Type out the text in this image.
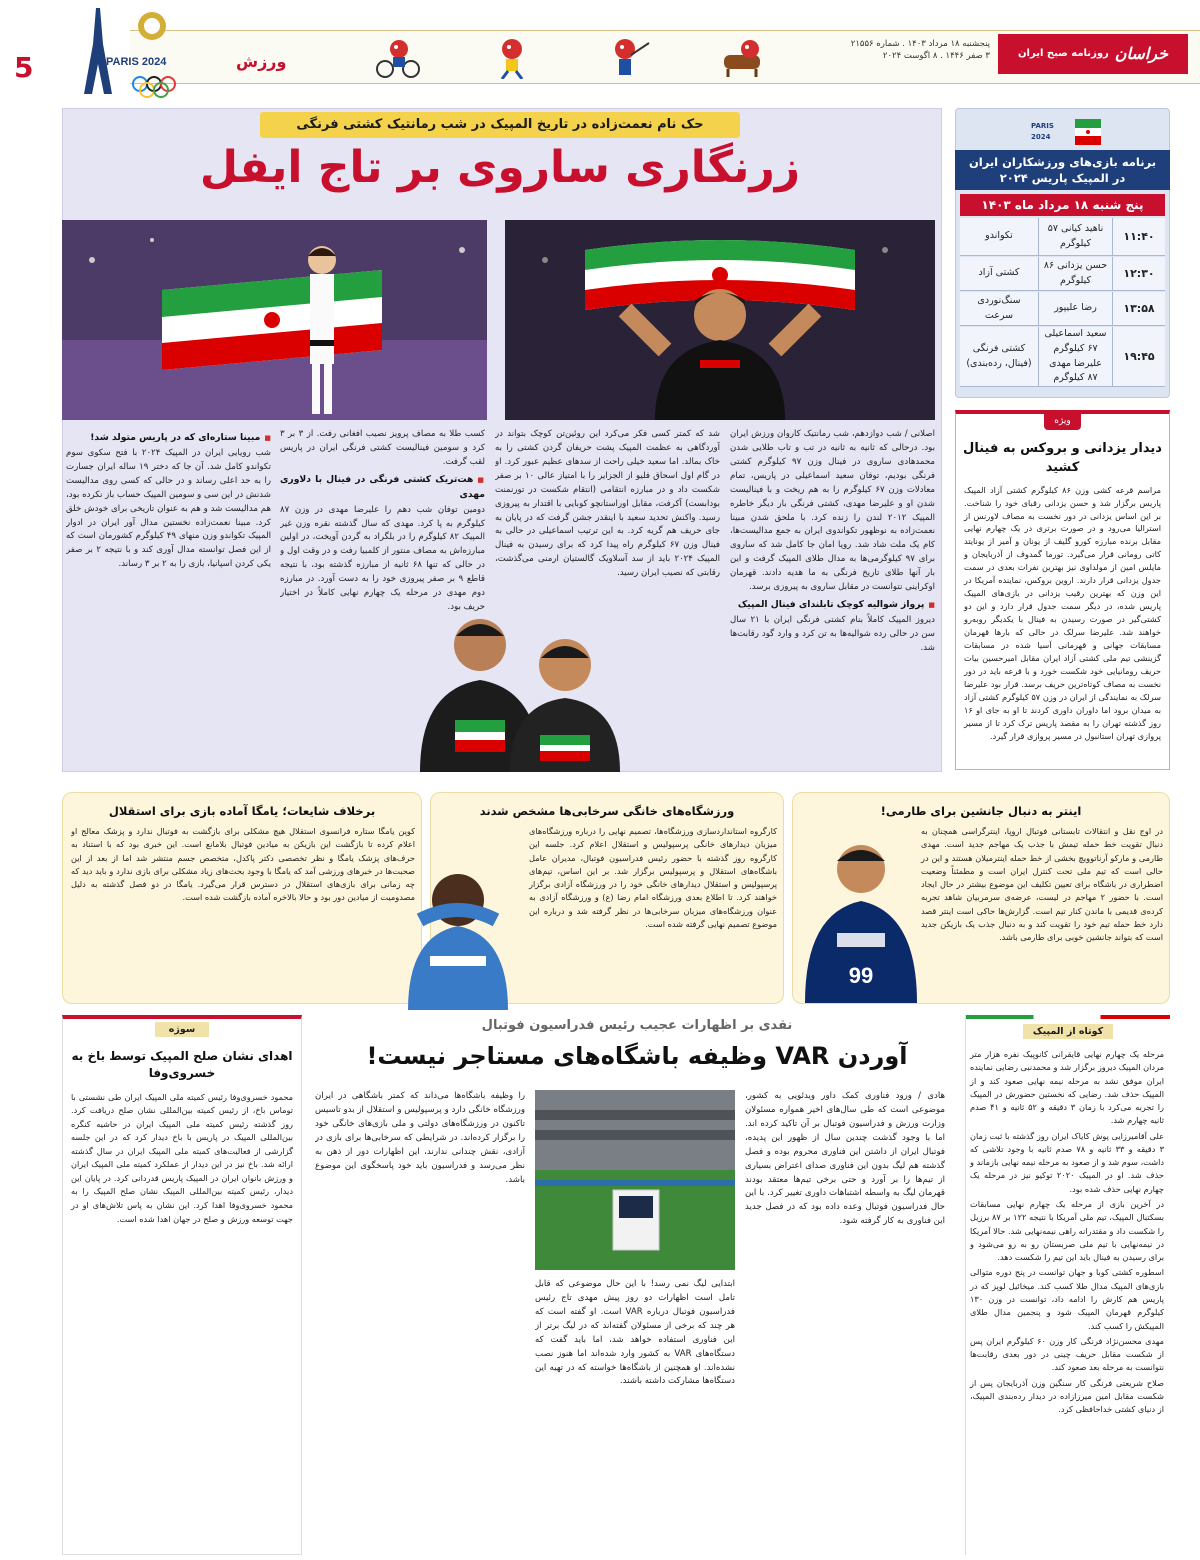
خراسان
روزنامه صبح ایران
پنجشنبه ۱۸ مرداد ۱۴۰۳ . شماره ۲۱۵۵۶
۳ صفر ۱۴۴۶ . ۸ اگوست ۲۰۲۴
ورزش
PARIS 2024
5
PARIS 2024
برنامه بازی‌های ورزشکاران ایران در المپیک پاریس ۲۰۲۴
پنج شنبه ۱۸ مرداد ماه ۱۴۰۳
۱۱:۴۰
ناهید کیانی ۵۷ کیلوگرم
تکواندو
۱۲:۳۰
حسن یزدانی ۸۶ کیلوگرم
کشتی آزاد
۱۳:۵۸
رضا علیپور
سنگ‌نوردی سرعت
۱۹:۴۵
سعید اسماعیلی ۶۷ کیلوگرم علیرضا مهدی ۸۷ کیلوگرم
کشتی فرنگی (فینال، رده‌بندی)
ویژه
دیدار یزدانی و بروکس به فینال کشید
مراسم قرعه کشی وزن ۸۶ کیلوگرم کشتی آزاد المپیک پاریس برگزار شد و حسن یزدانی رقبای خود را شناخت. بر این اساس یزدانی در دور نخست به مصاف لاورنس از استرالیا می‌رود و در صورت برتری در یک چهارم نهایی مقابل برنده مبارزه کورو گلیف از یونان و آمیر از یونایتد کاتی رومانی قرار می‌گیرد. تورما گمدوف از آذربایجان و مایلس امین از مولداوی نیز بهترین نفرات بعدی در سمت جدول یزدانی قرار دارند. اروین بروکس، نماینده آمریکا در این وزن که بهترین رقیب یزدانی در بازی‌های المپیک پاریس شده، در دیگر سمت جدول قرار دارد و این دو کشتی‌گیر در صورت رسیدن به فینال با یکدیگر روبه‌رو خواهند شد. علیرضا سرلک در حالی که بارها قهرمان مسابقات جهانی و قهرمانی آسیا شده در مسابقات گزینشی تیم ملی کشتی آزاد ایران مقابل امیرحسین بیات حریف رومانیایی خود شکست خورد و با قرعه باید در دور نخست به مصاف کوتاه‌ترین حریف برسد. قرار بود علیرضا سرلک به نمایندگی از ایران در وزن ۵۷ کیلوگرم کشتی آزاد به میدان برود اما داوران داوری کردند تا او به جای او ۱۶ روز گذشته تهران را به مقصد پاریس ترک کرد تا از مسیر پروازی تهران استانبول در مسیر پروازی قرار گیرد.
حک نام نعمت‌زاده در تاریخ المپیک در شب رمانتیک کشتی فرنگی
زرنگاری ساروی بر تاج ایفل

اصلانی / شب دوازدهم، شب رمانتیک کاروان ورزش ایران بود. درحالی که ثانیه به ثانیه در تب و تاب طلایی شدن محمدهادی ساروی در فینال وزن ۹۷ کیلوگرم کشتی فرنگی بودیم، توفان سعید اسماعیلی در پاریس، تمام معادلات وزن ۶۷ کیلوگرم را به هم ریخت و با فینالیست شدن او و علیرضا مهدی، کشتی فرنگی بار دیگر خاطره المپیک ۲۰۱۲ لندن را زنده کرد. با ملحق شدن مبینا نعمت‌زاده به نوظهور تکواندوی ایران به جمع مدالیست‌ها، کام یک ملت شاد شد. رویا امان جا کامل شد که ساروی برای ۹۷ کیلوگرمی‌ها به مدال طلای المپیک گرفت و این بار آنها طلای تاریخ فرنگی به ما هدیه دادند. قهرمان اوکراینی نتوانست در مقابل ساروی به پیروزی برسد.

■ پرواز شوالیه کوچک تابلندای فینال المپیک

دیروز المپیک کاملاً بنام کشتی فرنگی ایران با ۲۱ سال سن در حالی رده شوالیه‌ها به تن کرد و وارد گود رقابت‌ها شد.

شد که کمتر کسی فکر می‌کرد این روئین‌تن کوچک بتواند در آوردگاهی به عظمت المپیک پشت حریفان گردن کشتی را به خاک بمالد. اما سعید خیلی راحت از سدهای عظیم عبور کرد. او در گام اول اسحاق فلیو از الجزایر را با امتیاز عالی ۱۰ بر صفر شکست داد و در مبارزه انتقامی (انتقام شکست در تورنمنت بودابست) آکرفت، مقابل اوراستانچو کوبایی با اقتدار به پیروزی رسید. واکنش تحدید سعید با اینقدر جشن گرفت که در پایان به جای حریف هم گریه کرد. به این ترتیب اسماعیلی در حالی به فینال وزن ۶۷ کیلوگرم راه پیدا کرد که برای رسیدن به فینال المپیک ۲۰۲۴ باید از سد آسلاویک گالستیان ارمنی می‌گذشت، رقابتی که نصیب ایران رسید.

کسب طلا به مصاف پرویز نصیب افغانی رفت. از ۳ بر ۳ کرد و سومین فینالیست کشتی فرنگی ایران در پاریس لقب گرفت.

■ هت‌تریک کشتی فرنگی در فینال با دلاوری مهدی

دومین توفان شب دهم را علیرضا مهدی در وزن ۸۷ کیلوگرم به پا کرد. مهدی که سال گذشته نقره وزن غیر المپیک ۸۲ کیلوگرم را در بلگراد به گردن آویخت، در اولین مبارزه‌اش به مصاف منتور از کلمبیا رفت و در وقت اول و در حالی که تنها ۶۸ ثانیه از مبارزه گذشته بود، با نتیجه قاطع ۹ بر صفر پیروزی خود را به دست آورد. در مبارزه دوم مهدی در مرحله یک چهارم نهایی کاملاً در اختیار حریف بود.

■ مبینا ستاره‌ای که در پاریس متولد شد!

شب رویایی ایران در المپیک ۲۰۲۴ با فتح سکوی سوم تکواندو کامل شد. آن جا که دختر ۱۹ ساله ایران جسارت را به حد اعلی رساند و در حالی که کسی روی مدالیست شدنش در این سی و سومین المپیک حساب باز نکرده بود، هم مدالیست شد و هم به عنوان تاریخی برای خودش خلق کرد. مبینا نعمت‌زاده نخستین مدال آور ایران در ادوار المپیک تکواندو وزن منهای ۴۹ کیلوگرم کشورمان است که از این فصل توانسته مدال آوری کند و با نتیجه ۲ بر صفر یکی کردن اسپانیا، بازی را به ۲ بر ۳ رساند.

اینتر به دنبال جانشین برای طارمی!
در اوج نقل و انتقالات تابستانی فوتبال اروپا، اینترگراسی همچنان به دنبال تقویت خط حمله تیمش با جذب یک مهاجم جدید است. مهدی طارمی و مارکو آرناتوویچ بخشی از خط حمله اینترمیلان هستند و این در حالی است که تیم ملی تحت کنترل ایران است و مطمئناً وضعیت اضطراری در باشگاه برای تعیین تکلیف این موضوع بیشتر در حال ایجاد است. با حضور ۲ مهاجم در لیست، عرضه‌ی سرمربیان شاهد تجربه کرده‌ی قدیمی با ماندن کنار تیم است. گزارش‌ها حاکی است اینتر قصد دارد خط حمله تیم خود را تقویت کند و به دنبال جذب یک بازیکن جدید است که بتواند جانشین خوبی برای طارمی باشد.
99
ورزشگاه‌های خانگی سرخابی‌ها مشخص شدند
کارگروه استانداردسازی ورزشگاه‌ها، تصمیم نهایی را درباره ورزشگاه‌های میزبان دیدارهای خانگی پرسپولیس و استقلال اعلام کرد. جلسه این کارگروه روز گذشته با حضور رئیس فدراسیون فوتبال، مدیران عامل باشگاه‌های استقلال و پرسپولیس برگزار شد. بر این اساس، تیم‌های پرسپولیس و استقلال دیدارهای خانگی خود را در ورزشگاه آزادی برگزار خواهند کرد. تا اطلاع بعدی ورزشگاه امام رضا (ع) و ورزشگاه آزادی به عنوان ورزشگاه‌های میزبان سرخابی‌ها در نظر گرفته شد و درباره این موضوع تصمیم نهایی گرفته شده است.
برخلاف شایعات؛ یامگا آماده بازی برای استقلال
کوین یامگا ستاره فرانسوی استقلال هیچ مشکلی برای بازگشت به فوتبال ندارد و پزشک معالج او اعلام کرده تا بازگشت این بازیکن به میادین فوتبال بلامانع است. این خبری بود که با استناد به حرف‌های پزشک یامگا و نظر تخصصی دکتر پاکدل، متخصص جسم منتشر شد اما از بعد از این صحبت‌ها در خبرهای ورزشی آمد که یامگا با وجود بحث‌های زیاد مشکلی برای بازی ندارد و باید دید که چه زمانی برای بازی‌های استقلال در دسترس قرار می‌گیرد. یامگا در دو فصل گذشته به دلیل مصدومیت از میادین دور بود و حالا بالاخره آماده بازگشت شده است.
نقدی بر اظهارات عجیب رئیس فدراسیون فوتبال
آوردن VAR وظیفه باشگاه‌های مستاجر نیست!
هادی / ورود فناوری کمک داور ویدئویی به کشور، موضوعی است که طی سال‌های اخیر همواره مسئولان وزارت ورزش و فدراسیون فوتبال بر آن تاکید کرده اند. اما با وجود گذشت چندین سال از ظهور این پدیده، فوتبال ایران از داشتن این فناوری محروم بوده و فصل گذشته هم لیگ بدون این فناوری صدای اعتراض بسیاری از تیم‌ها را بر آورد و حتی برخی تیم‌ها معتقد بودند قهرمان لیگ به واسطه اشتباهات داوری تغییر کرد. با این حال فدراسیون فوتبال وعده داده بود که در فصل جدید این فناوری به کار گرفته شود.
ابتدایی لیگ نمی رسد! با این حال موضوعی که قابل تامل است اظهارات دو روز پیش مهدی تاج رئیس فدراسیون فوتبال درباره VAR است. او گفته است که هر چند که برخی از مسئولان گفته‌اند که در لیگ برتر از این فناوری استفاده خواهد شد، اما باید گفت که دستگاه‌های VAR به کشور وارد شده‌اند اما هنوز نصب نشده‌اند. او همچنین از باشگاه‌ها خواسته که در تهیه این دستگاه‌ها مشارکت داشته باشند.
را وظیفه باشگاه‌ها می‌داند که کمتر باشگاهی در ایران ورزشگاه خانگی دارد و پرسپولیس و استقلال از بدو تاسیس تاکنون در ورزشگاه‌های دولتی و ملی بازی‌های خانگی خود را برگزار کرده‌اند. در شرایطی که سرخابی‌ها برای بازی در آزادی، نقش چندانی ندارند، این اظهارات دور از ذهن به نظر می‌رسد و فدراسیون باید خود پاسخگوی این موضوع باشد.
کوتاه از المپیک

مرحله یک چهارم نهایی قایقرانی کانوپیک نفره هزار متر مردان المپیک دیروز برگزار شد و محمدنبی رضایی نماینده ایران موفق نشد به مرحله نیمه نهایی صعود کند و از المپیک حذف شد. رضایی که نخستین حضورش در المپیک را تجربه می‌کرد با زمان ۳ دقیقه و ۵۲ ثانیه و ۴۱ صدم ثانیه چهارم شد.

علی آقامیرزایی پوش کایاک ایران روز گذشته با ثبت زمان ۳ دقیقه و ۳۳ ثانیه و ۷۸ صدم ثانیه با وجود تلاشی که داشت، سوم شد و از صعود به مرحله نیمه نهایی بازماند و حذف شد. او در المپیک ۲۰۲۰ توکیو نیز در مرحله یک چهارم نهایی حذف شده بود.

در آخرین بازی از مرحله یک چهارم نهایی مسابقات بسکتبال المپیک، تیم ملی آمریکا با نتیجه ۱۲۲ بر ۸۷ برزیل را شکست داد و مقتدرانه راهی نیمه‌نهایی شد. حالا آمریکا در نیمه‌نهایی با تیم ملی صربستان رو به رو می‌شود و برای رسیدن به فینال باید این تیم را شکست دهد.

اسطوره کشتی کوبا و جهان توانست در پنج دوره متوالی بازی‌های المپیک مدال طلا کسب کند. میخائیل لوپز که در پاریس هم کارش را ادامه داد، توانست در وزن ۱۳۰ کیلوگرم قهرمان المپیک شود و پنجمین مدال طلای المپیکش را کسب کند.

مهدی محسن‌نژاد فرنگی کار وزن ۶۰ کیلوگرم ایران پس از شکست مقابل حریف چینی در دور بعدی رقابت‌ها نتوانست به مرحله بعد صعود کند.

صلاح شریعتی فرنگی کار سنگین وزن آذربایجان پس از شکست مقابل امین میرزازاده در دیدار رده‌بندی المپیک، از دنیای کشتی خداحافظی کرد.

سوژه
اهدای نشان صلح المپیک توسط باخ به خسروی‌وفا
محمود خسروی‌وفا رئیس کمیته ملی المپیک ایران طی نشستی با توماس باخ، از رئیس کمیته بین‌المللی نشان صلح دریافت کرد. روز گذشته رئیس کمیته ملی المپیک ایران در حاشیه کنگره بین‌المللی المپیک در پاریس با باخ دیدار کرد که در این جلسه گزارشی از فعالیت‌های کمیته ملی المپیک ایران در سال گذشته ارائه شد. باخ نیز در این دیدار از عملکرد کمیته ملی المپیک ایران و ورزش بانوان ایران در المپیک پاریس قدردانی کرد. در پایان این دیدار، رئیس کمیته بین‌المللی المپیک نشان صلح المپیک را به محمود خسروی‌وفا اهدا کرد. این نشان به پاس تلاش‌های او در جهت توسعه ورزش و صلح در جهان اهدا شده است.
